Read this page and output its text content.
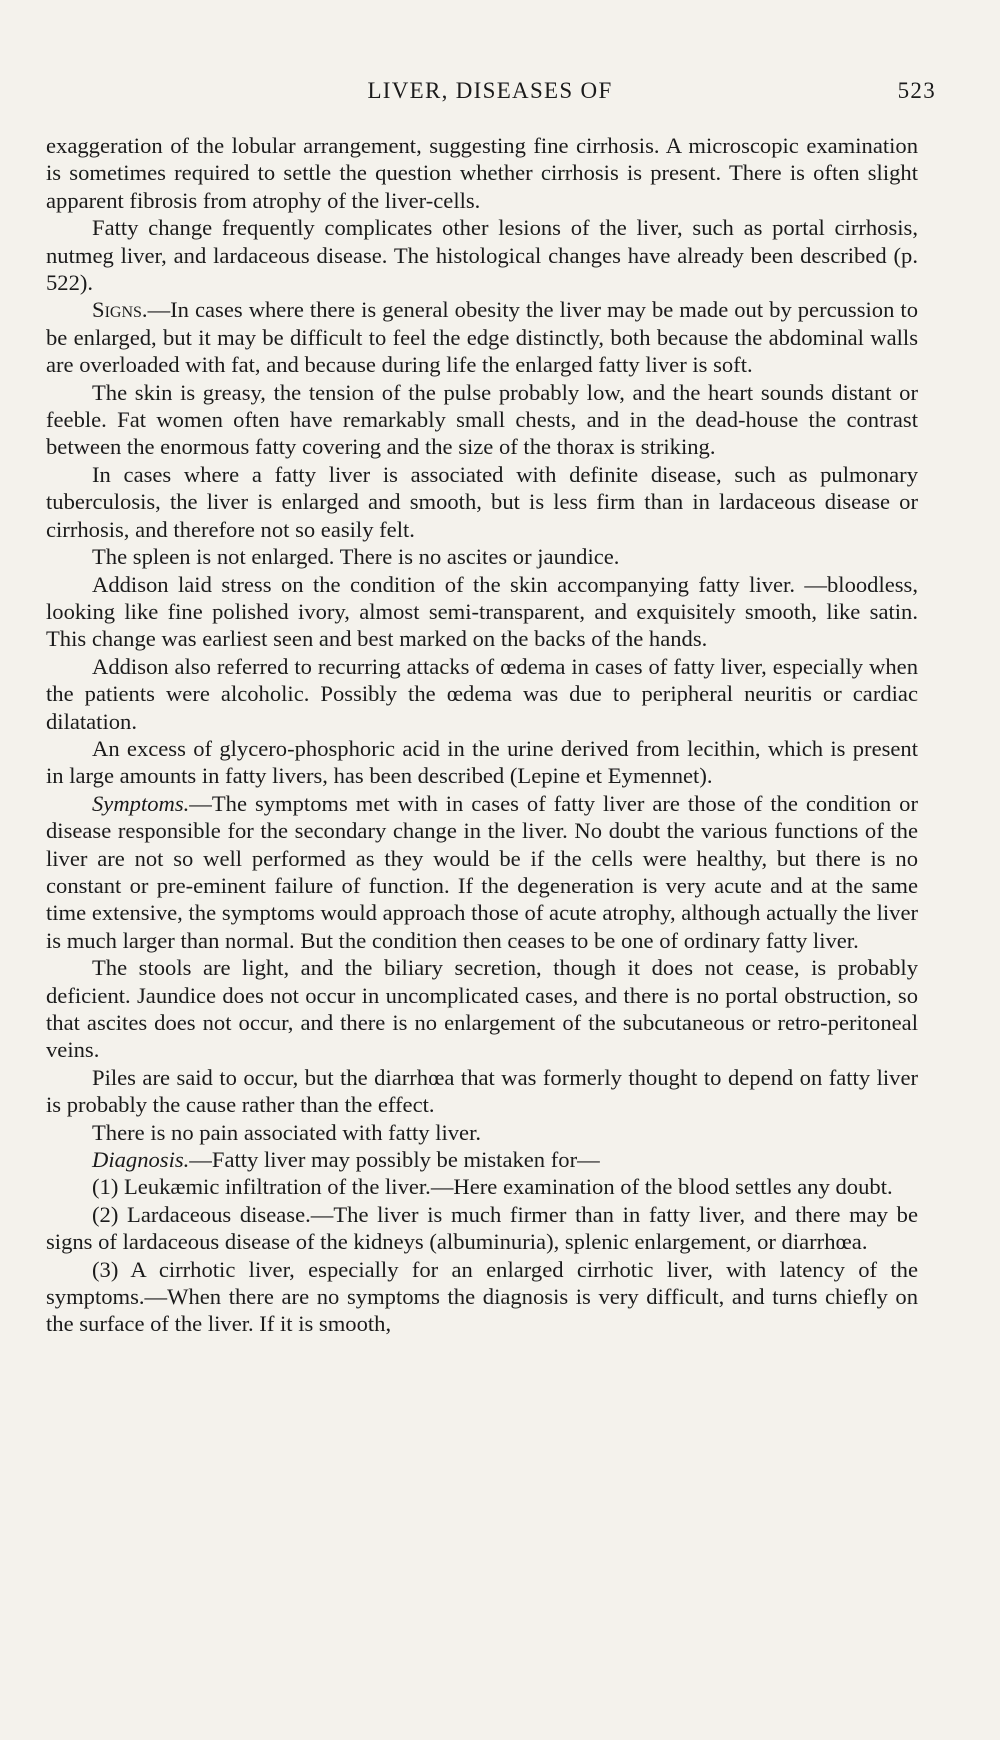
LIVER, DISEASES OF	523

exaggeration of the lobular arrangement, suggesting fine cirrhosis. A microscopic examination is sometimes required to settle the question whether cirrhosis is present. There is often slight apparent fibrosis from atrophy of the liver-cells.

Fatty change frequently complicates other lesions of the liver, such as portal cirrhosis, nutmeg liver, and lardaceous disease. The histological changes have already been described (p. 522).

Signs.—In cases where there is general obesity the liver may be made out by percussion to be enlarged, but it may be difficult to feel the edge distinctly, both because the abdominal walls are overloaded with fat, and because during life the enlarged fatty liver is soft.

The skin is greasy, the tension of the pulse probably low, and the heart sounds distant or feeble. Fat women often have remarkably small chests, and in the dead-house the contrast between the enormous fatty covering and the size of the thorax is striking.

In cases where a fatty liver is associated with definite disease, such as pulmonary tuberculosis, the liver is enlarged and smooth, but is less firm than in lardaceous disease or cirrhosis, and therefore not so easily felt.

The spleen is not enlarged. There is no ascites or jaundice.

Addison laid stress on the condition of the skin accompanying fatty liver. —bloodless, looking like fine polished ivory, almost semi-transparent, and exquisitely smooth, like satin. This change was earliest seen and best marked on the backs of the hands.

Addison also referred to recurring attacks of œdema in cases of fatty liver, especially when the patients were alcoholic. Possibly the œdema was due to peripheral neuritis or cardiac dilatation.

An excess of glycero-phosphoric acid in the urine derived from lecithin, which is present in large amounts in fatty livers, has been described (Lepine et Eymennet).

Symptoms.—The symptoms met with in cases of fatty liver are those of the condition or disease responsible for the secondary change in the liver. No doubt the various functions of the liver are not so well performed as they would be if the cells were healthy, but there is no constant or pre-eminent failure of function. If the degeneration is very acute and at the same time extensive, the symptoms would approach those of acute atrophy, although actually the liver is much larger than normal. But the condition then ceases to be one of ordinary fatty liver.

The stools are light, and the biliary secretion, though it does not cease, is probably deficient. Jaundice does not occur in uncomplicated cases, and there is no portal obstruction, so that ascites does not occur, and there is no enlargement of the subcutaneous or retro-peritoneal veins.

Piles are said to occur, but the diarrhœa that was formerly thought to depend on fatty liver is probably the cause rather than the effect.

There is no pain associated with fatty liver.

Diagnosis.—Fatty liver may possibly be mistaken for—

(1) Leukæmic infiltration of the liver.—Here examination of the blood settles any doubt.

(2) Lardaceous disease.—The liver is much firmer than in fatty liver, and there may be signs of lardaceous disease of the kidneys (albuminuria), splenic enlargement, or diarrhœa.

(3) A cirrhotic liver, especially for an enlarged cirrhotic liver, with latency of the symptoms.—When there are no symptoms the diagnosis is very difficult, and turns chiefly on the surface of the liver. If it is smooth,
